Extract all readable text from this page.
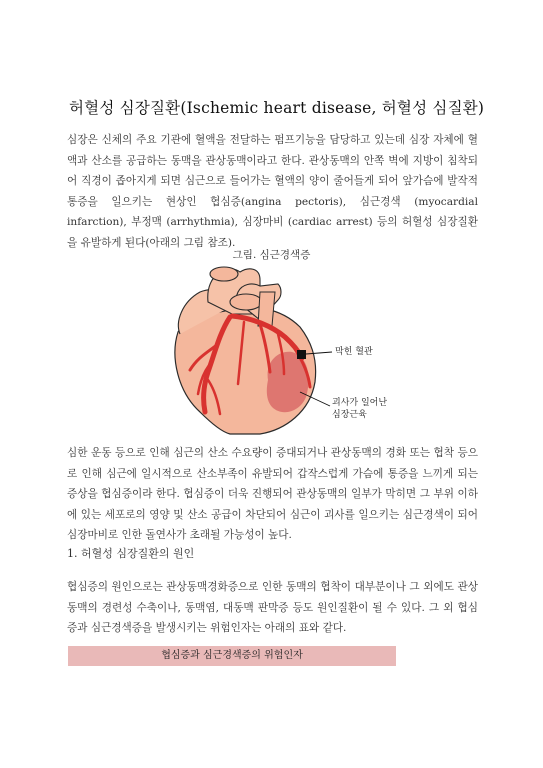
허혈성 심장질환(Ischemic heart disease, 허혈성 심질환)
심장은 신체의 주요 기관에 혈액을 전달하는 펌프기능을 담당하고 있는데 심장 자체에 혈액과 산소를 공급하는 동맥을 관상동맥이라고 한다. 관상동맥의 안쪽 벽에 지방이 침착되어 직경이 좁아지게 되면 심근으로 들어가는 혈액의 양이 줄어들게 되어 앞가슴에 발작적 통증을 일으키는 현상인 협심증(angina pectoris), 심근경색 (myocardial infarction), 부정맥 (arrhythmia), 심장마비 (cardiac arrest) 등의 허혈성 심장질환을 유발하게 된다(아래의 그림 참조).
그림. 심근경색증
막힌 혈관
괴사가 일어난
심장근육
심한 운동 등으로 인해 심근의 산소 수요량이 증대되거나 관상동맥의 경화 또는 협착 등으로 인해 심근에 일시적으로 산소부족이 유발되어 갑작스럽게 가슴에 통증을 느끼게 되는 증상을 협심증이라 한다. 협심증이 더욱 진행되어 관상동맥의 일부가 막히면 그 부위 이하에 있는 세포로의 영양 및 산소 공급이 차단되어 심근이 괴사를 일으키는 심근경색이 되어 심장마비로 인한 돌연사가 초래될 가능성이 높다.
1. 허혈성 심장질환의 원인
협심증의 원인으로는 관상동맥경화증으로 인한 동맥의 협착이 대부분이나 그 외에도 관상동맥의 경련성 수축이나, 동맥염, 대동맥 판막증 등도 원인질환이 될 수 있다. 그 외 협심증과 심근경색증을 발생시키는 위험인자는 아래의 표와 같다.
협심증과 심근경색증의 위험인자
